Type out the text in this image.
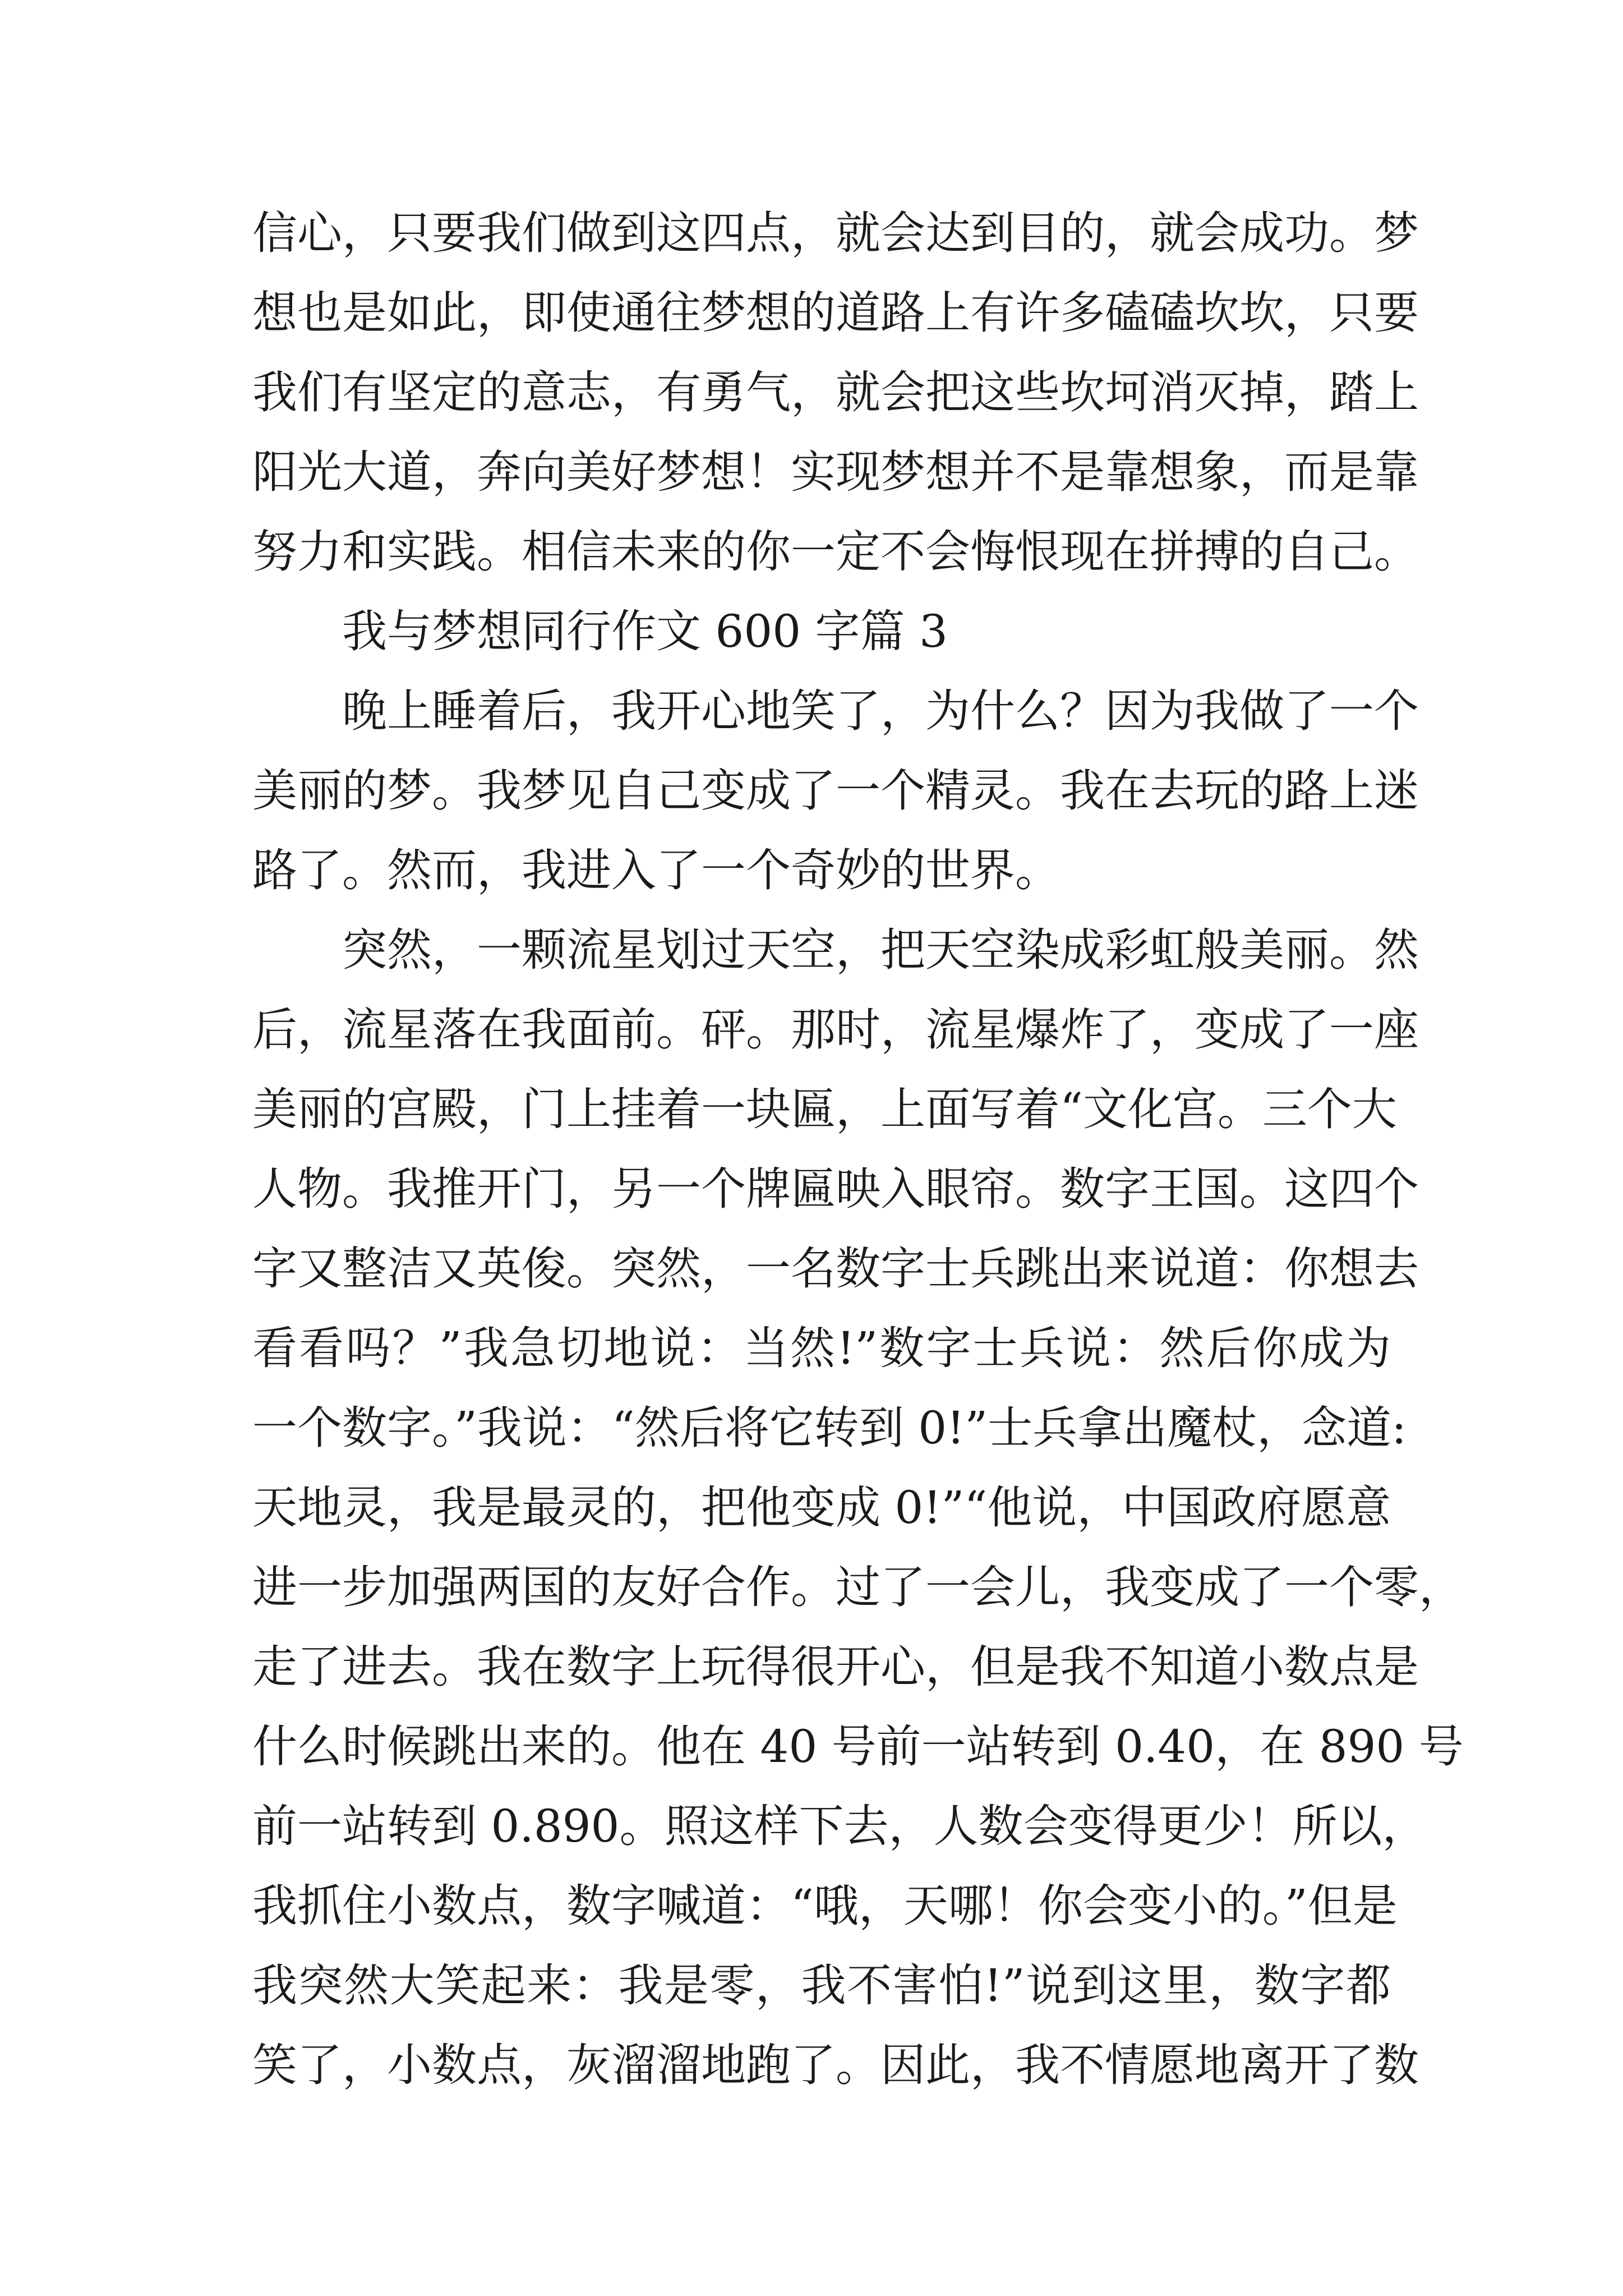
信心，只要我们做到这四点，就会达到目的，就会成功。梦
想也是如此，即使通往梦想的道路上有许多磕磕坎坎，只要
我们有坚定的意志，有勇气，就会把这些坎坷消灭掉，踏上
阳光大道，奔向美好梦想！实现梦想并不是靠想象，而是靠
努力和实践。相信未来的你一定不会悔恨现在拼搏的自己。
我与梦想同行作文 600 字篇 3
晚上睡着后，我开心地笑了，为什么？因为我做了一个
美丽的梦。我梦见自己变成了一个精灵。我在去玩的路上迷
路了。然而，我进入了一个奇妙的世界。
突然，一颗流星划过天空，把天空染成彩虹般美丽。然
后，流星落在我面前。砰。那时，流星爆炸了，变成了一座
美丽的宫殿，门上挂着一块匾，上面写着“文化宫。三个大
人物。我推开门，另一个牌匾映入眼帘。数字王国。这四个
字又整洁又英俊。突然，一名数字士兵跳出来说道：你想去
看看吗？”我急切地说：当然!”数字士兵说：然后你成为
一个数字。”我说：“然后将它转到 0!”士兵拿出魔杖，念道:
天地灵，我是最灵的，把他变成 0!”“他说，中国政府愿意
进一步加强两国的友好合作。过了一会儿，我变成了一个零，
走了进去。我在数字上玩得很开心，但是我不知道小数点是
什么时候跳出来的。他在 40 号前一站转到 0.40，在 890 号
前一站转到 0.890。照这样下去，人数会变得更少！所以，
我抓住小数点，数字喊道：“哦，天哪！你会变小的。”但是
我突然大笑起来：我是零，我不害怕!”说到这里，数字都
笑了，小数点，灰溜溜地跑了。因此，我不情愿地离开了数
